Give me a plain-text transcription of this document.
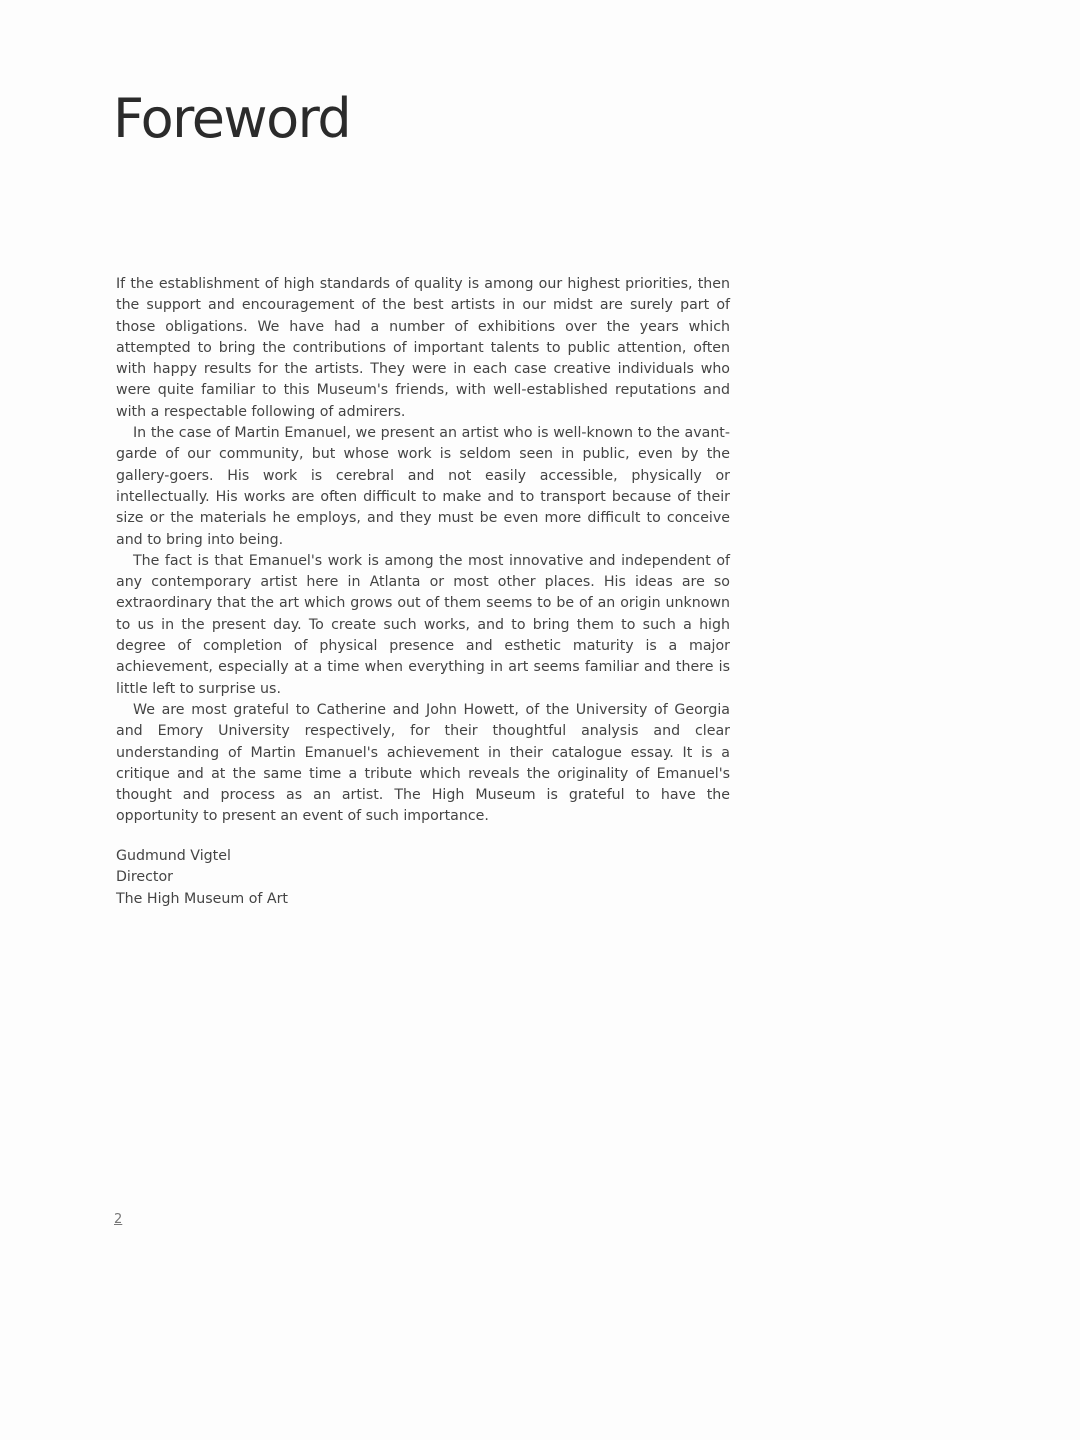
Foreword

If the establishment of high standards of quality is among our highest priorities, then the support and encouragement of the best artists in our midst are surely part of those obligations. We have had a number of exhibitions over the years which attempted to bring the contributions of important talents to public attention, often with happy results for the artists. They were in each case creative individuals who were quite familiar to this Museum's friends, with well-established reputations and with a respectable following of admirers.

In the case of Martin Emanuel, we present an artist who is well-known to the avant-garde of our community, but whose work is seldom seen in public, even by the gallery-goers. His work is cerebral and not easily accessible, physically or intellectually. His works are often difficult to make and to transport because of their size or the materials he employs, and they must be even more difficult to conceive and to bring into being.

The fact is that Emanuel's work is among the most innovative and independent of any contemporary artist here in Atlanta or most other places. His ideas are so extraordinary that the art which grows out of them seems to be of an origin unknown to us in the present day. To create such works, and to bring them to such a high degree of completion of physical presence and esthetic maturity is a major achievement, especially at a time when everything in art seems familiar and there is little left to surprise us.

We are most grateful to Catherine and John Howett, of the University of Georgia and Emory University respectively, for their thoughtful analysis and clear understanding of Martin Emanuel's achievement in their catalogue essay. It is a critique and at the same time a tribute which reveals the originality of Emanuel's thought and process as an artist. The High Museum is grateful to have the opportunity to present an event of such importance.

Gudmund Vigtel
Director
The High Museum of Art
2
